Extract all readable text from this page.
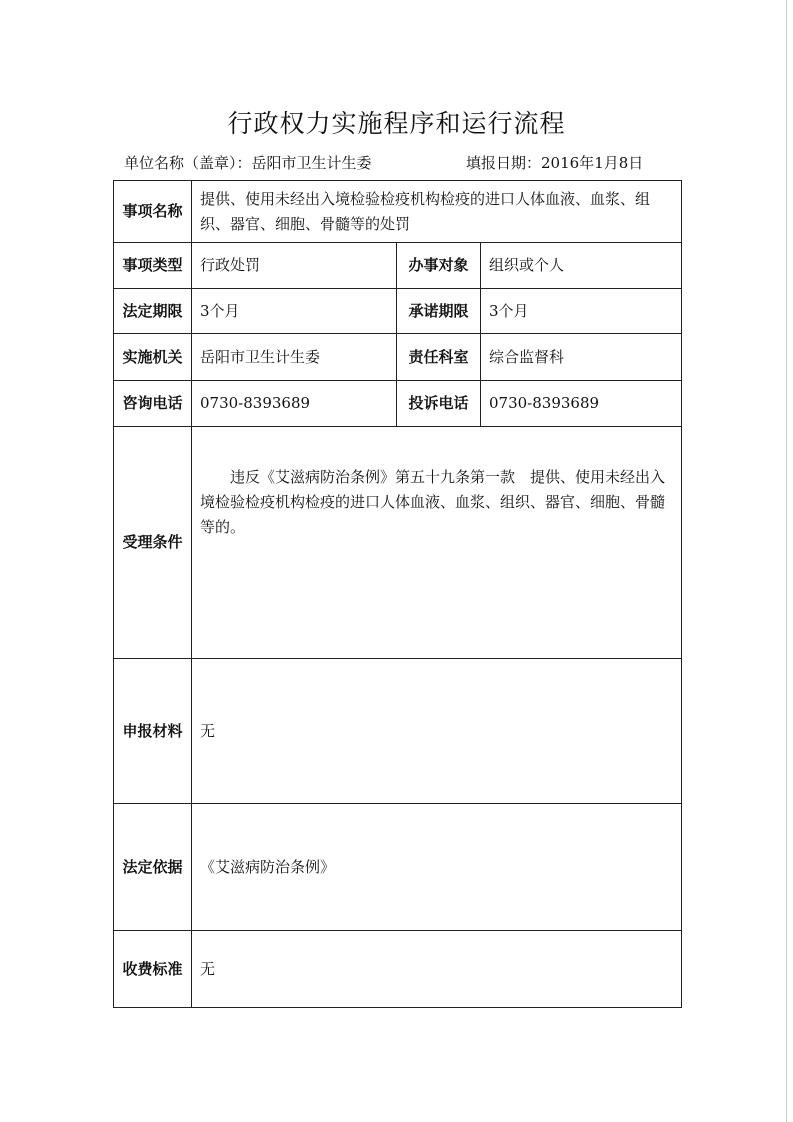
行政权力实施程序和运行流程
单位名称（盖章）：岳阳市卫生计生委	填报日期：2016年1月8日
事项名称	提供、使用未经出入境检验检疫机构检疫的进口人体血液、血浆、组织、器官、细胞、骨髓等的处罚		
事项类型	行政处罚	办事对象	组织或个人
法定期限	3个月	承诺期限	3个月
实施机关	岳阳市卫生计生委	责任科室	综合监督科
咨询电话	0730-8393689	投诉电话	0730-8393689
受理条件	违反《艾滋病防治条例》第五十九条第一款　提供、使用未经出入境检验检疫机构检疫的进口人体血液、血浆、组织、器官、细胞、骨髓等的。		

申报材料	无		
法定依据	《艾滋病防治条例》		
收费标准	无		
